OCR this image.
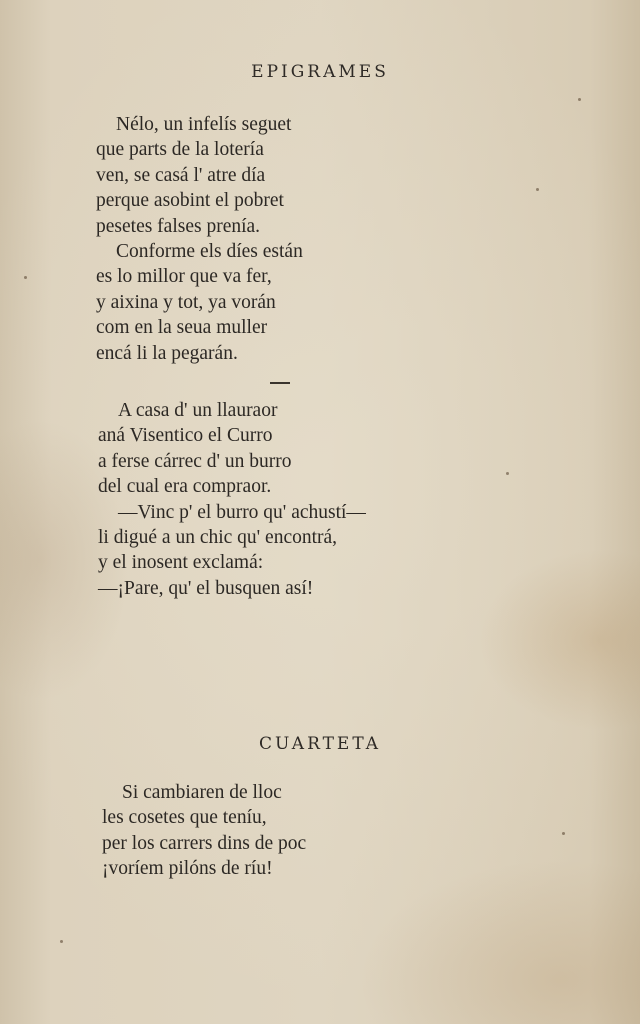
EPIGRAMES
Nélo, un infelís seguet
que parts de la lotería
ven, se casá l' atre día
perque asobint el pobret
pesetes falses prenía.
Conforme els díes están
es lo millor que va fer,
y aixina y tot, ya vorán
com en la seua muller
encá li la pegarán.
A casa d' un llauraor
aná Visentico el Curro
a ferse cárrec d' un burro
del cual era compraor.
—Vinc p' el burro qu' achustí—
li digué a un chic qu' encontrá,
y el inosent exclamá:
—¡Pare, qu' el busquen así!
CUARTETA
Si cambiaren de lloc
les cosetes que teníu,
per los carrers dins de poc
¡voríem pilóns de ríu!
